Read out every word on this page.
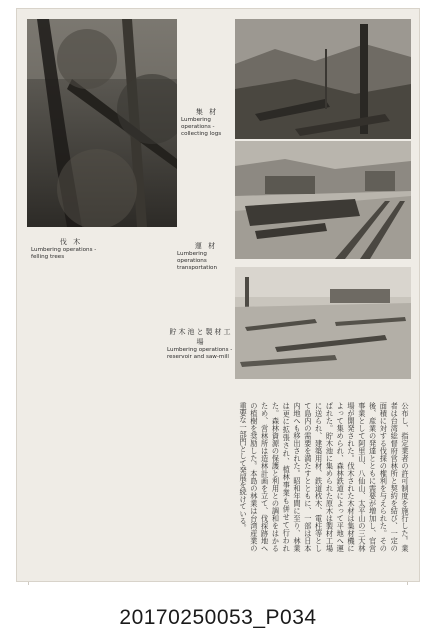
伐 木
Lumbering operations - felling trees
集 材
Lumbering operations - collecting logs
運 材
Lumbering operations transportation
貯木池と製材工場
Lumbering operations - reservoir and saw-mill
公布し、指定業者の許可制度を施行した。業者は台湾総督府営林所と契約を結び、一定の面積に対する伐採の権利を与えられた。その後、産業の発達とともに需要が増加し、官営事業として阿里山、八仙山、太平山の三大林場が開発された。伐木された木材は集材機によって集められ、森林鉄道によって平地へ運ばれた。貯木池に集められた原木は製材工場に送られ、建築用材、鉄道枕木、電柱等として島内の需要を満たすとともに、一部は日本内地へも移出された。昭和年間に至り、林業は更に拡張され、植林事業も併せて行われた。森林資源の保護と利用との調和をはかるため、営林所は造林計画を立て、伐採跡地への植樹を奨励した。本島の林業は台湾産業の重要な一部門として発展を続けている。
20170250053_P034
